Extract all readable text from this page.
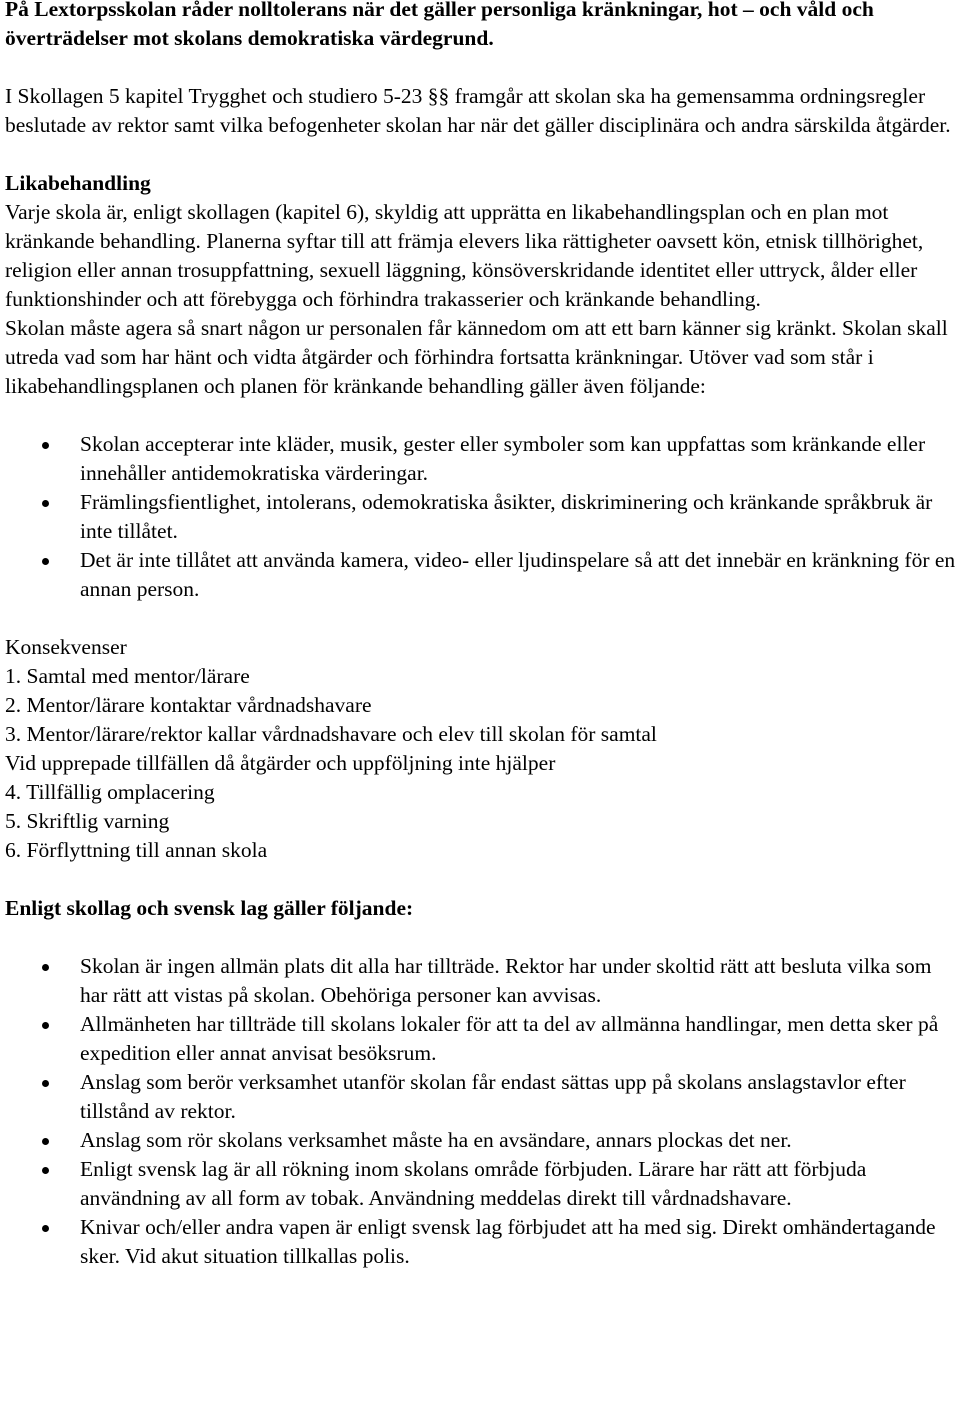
På Lextorpsskolan råder nolltolerans när det gäller personliga kränkningar, hot – och våld och överträdelser mot skolans demokratiska värdegrund.

I Skollagen 5 kapitel Trygghet och studiero 5-23 §§ framgår att skolan ska ha gemensamma ordningsregler beslutade av rektor samt vilka befogenheter skolan har när det gäller disciplinära och andra särskilda åtgärder.

Likabehandling

Varje skola är, enligt skollagen (kapitel 6), skyldig att upprätta en likabehandlingsplan och en plan mot kränkande behandling. Planerna syftar till att främja elevers lika rättigheter oavsett kön, etnisk tillhörighet, religion eller annan trosuppfattning, sexuell läggning, könsöverskridande identitet eller uttryck, ålder eller funktionshinder och att förebygga och förhindra trakasserier och kränkande behandling.

Skolan måste agera så snart någon ur personalen får kännedom om att ett barn känner sig kränkt. Skolan skall utreda vad som har hänt och vidta åtgärder och förhindra fortsatta kränkningar. Utöver vad som står i likabehandlingsplanen och planen för kränkande behandling gäller även följande:

Skolan accepterar inte kläder, musik, gester eller symboler som kan uppfattas som kränkande eller innehåller antidemokratiska värderingar.
Främlingsfientlighet, intolerans, odemokratiska åsikter, diskriminering och kränkande språkbruk är inte tillåtet.
Det är inte tillåtet att använda kamera, video- eller ljudinspelare så att det innebär en kränkning för en annan person.

Konsekvenser

1. Samtal med mentor/lärare

2. Mentor/lärare kontaktar vårdnadshavare

3. Mentor/lärare/rektor kallar vårdnadshavare och elev till skolan för samtal

Vid upprepade tillfällen då åtgärder och uppföljning inte hjälper

4. Tillfällig omplacering

5. Skriftlig varning

6. Förflyttning till annan skola

Enligt skollag och svensk lag gäller följande:

Skolan är ingen allmän plats dit alla har tillträde. Rektor har under skoltid rätt att besluta vilka som har rätt att vistas på skolan. Obehöriga personer kan avvisas.
Allmänheten har tillträde till skolans lokaler för att ta del av allmänna handlingar, men detta sker på expedition eller annat anvisat besöksrum.
Anslag som berör verksamhet utanför skolan får endast sättas upp på skolans anslagstavlor efter tillstånd av rektor.
Anslag som rör skolans verksamhet måste ha en avsändare, annars plockas det ner.
Enligt svensk lag är all rökning inom skolans område förbjuden. Lärare har rätt att förbjuda användning av all form av tobak. Användning meddelas direkt till vårdnadshavare.
Knivar och/eller andra vapen är enligt svensk lag förbjudet att ha med sig. Direkt omhändertagande sker. Vid akut situation tillkallas polis.
